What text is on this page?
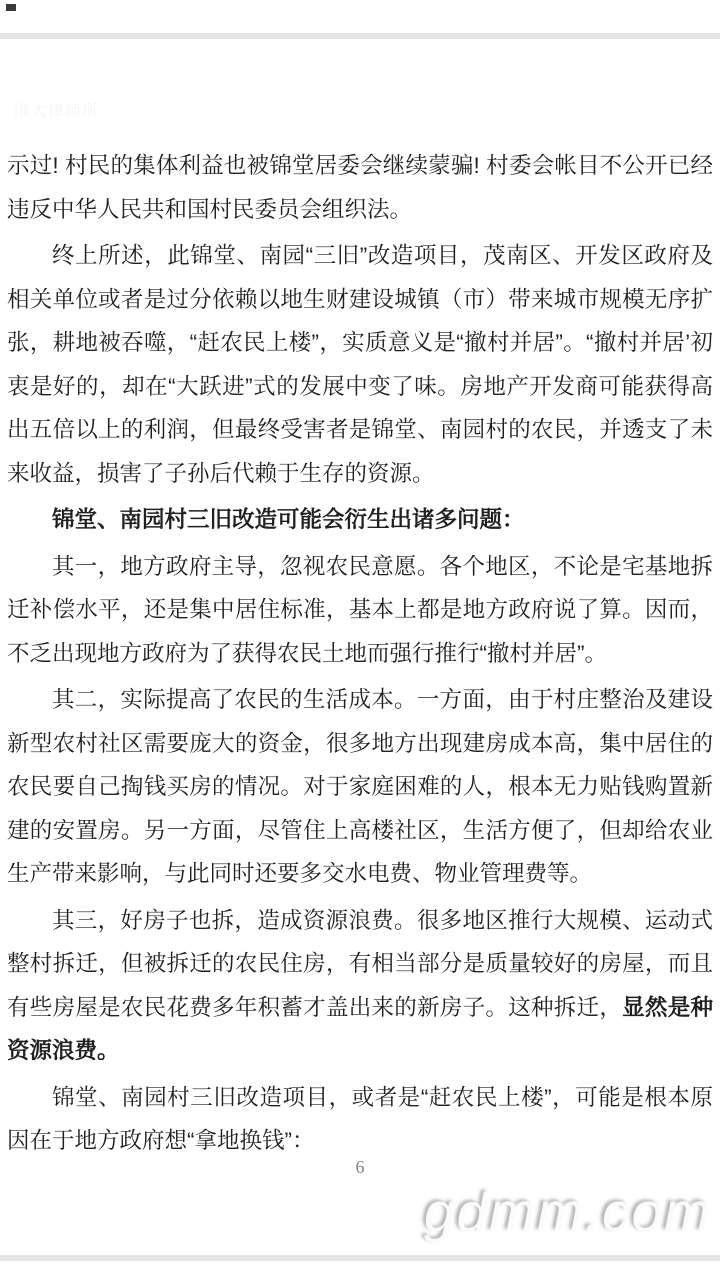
继大律师所

示过! 村民的集体利益也被锦堂居委会继续蒙骗! 村委会帐目不公开已经违反中华人民共和国村民委员会组织法。

终上所述，此锦堂、南园“三旧”改造项目，茂南区、开发区政府及相关单位或者是过分依赖以地生财建设城镇（市）带来城市规模无序扩张，耕地被吞噬，“赶农民上楼”，实质意义是“撤村并居”。“撤村并居’初衷是好的，却在“大跃进”式的发展中变了味。房地产开发商可能获得高出五倍以上的利润，但最终受害者是锦堂、南园村的农民，并透支了未来收益，损害了子孙后代赖于生存的资源。

锦堂、南园村三旧改造可能会衍生出诸多问题：

其一，地方政府主导，忽视农民意愿。各个地区，不论是宅基地拆迁补偿水平，还是集中居住标准，基本上都是地方政府说了算。因而，不乏出现地方政府为了获得农民土地而强行推行“撤村并居”。

其二，实际提高了农民的生活成本。一方面，由于村庄整治及建设新型农村社区需要庞大的资金，很多地方出现建房成本高，集中居住的农民要自己掏钱买房的情况。对于家庭困难的人，根本无力贴钱购置新建的安置房。另一方面，尽管住上高楼社区，生活方便了，但却给农业生产带来影响，与此同时还要多交水电费、物业管理费等。

其三，好房子也拆，造成资源浪费。很多地区推行大规模、运动式整村拆迁，但被拆迁的农民住房，有相当部分是质量较好的房屋，而且有些房屋是农民花费多年积蓄才盖出来的新房子。这种拆迁，显然是种资源浪费。

锦堂、南园村三旧改造项目，或者是“赶农民上楼”，可能是根本原因在于地方政府想“拿地换钱”：

6
gdmm.com
